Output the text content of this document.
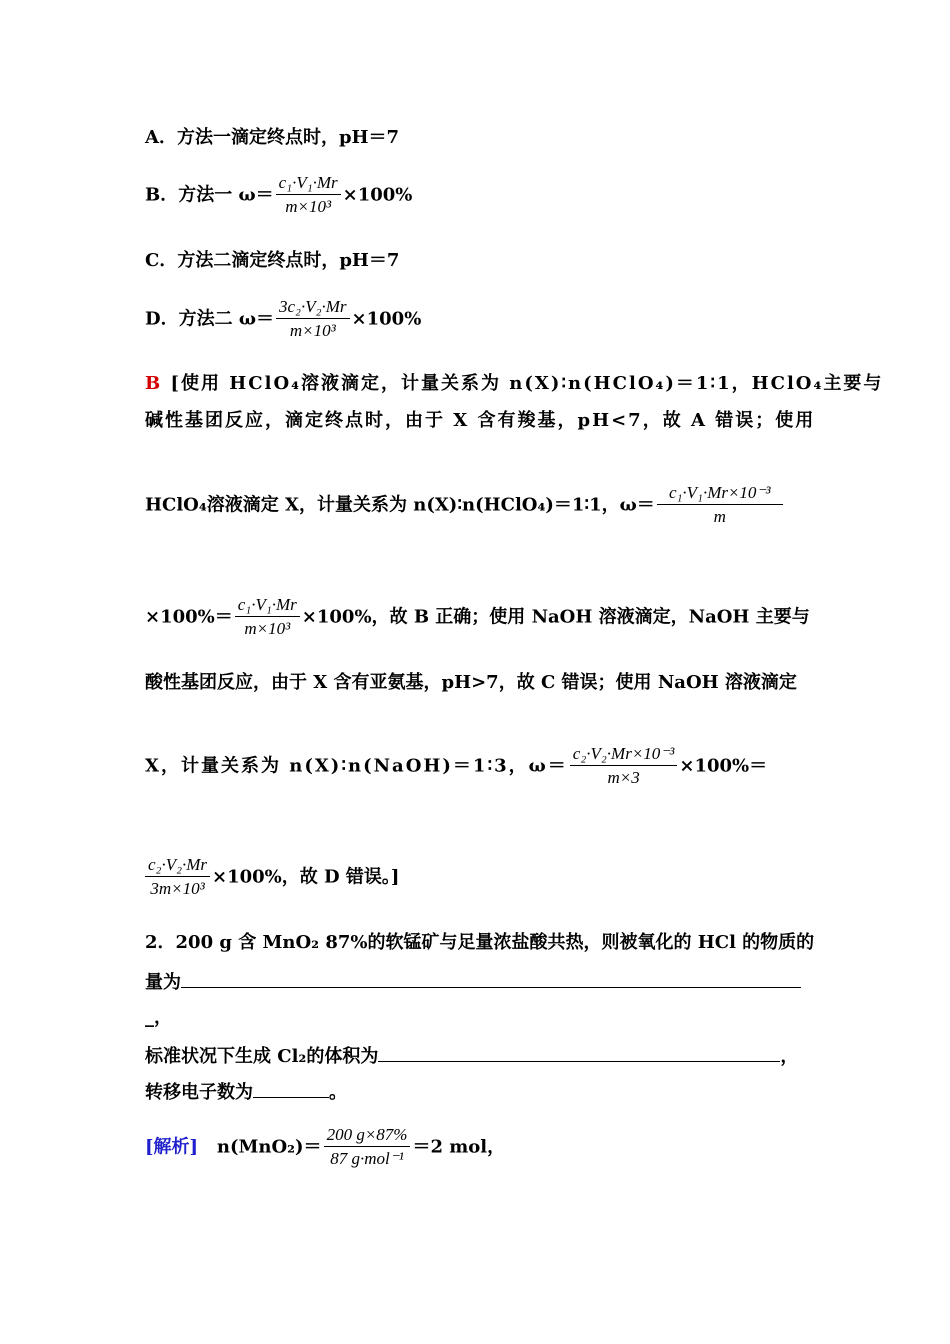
A．方法一滴定终点时，pH＝7
B．方法一 $\omega= \frac{\text{c₁·V₁·Mr}}{\text{m×10³}} \times 100\%$
C．方法二滴定终点时，pH＝7
D．方法二 $\omega= \frac{\text{3c₂·V₂·Mr}}{\text{m×10³}} \times 100\%$
B [使用 HClO₄溶液滴定，计量关系为 n(X)∶n(HClO₄)＝1∶1，HClO₄主要与
碱性基团反应，滴定终点时，由于 X 含有羧基，pH<7，故 A 错误；使用
HClO₄溶液滴定 X，计量关系为 n(X)∶n(HClO₄)＝1∶1，$\omega= \frac{\text{c₁·V₁·Mr×10⁻³}}{m}$
$\times 100\%= \frac{\text{c₁·V₁·Mr}}{\text{m×10³}} \times 100\%$，故 B 正确；使用 NaOH 溶液滴定，NaOH 主要与
酸性基团反应，由于 X 含有亚氨基，pH>7，故 C 错误；使用 NaOH 溶液滴定
X，计量关系为 n(X)∶n(NaOH)＝1∶3，$\omega= \frac{\text{c₂·V₂·Mr×10⁻³}}{m\times 3} \times 100\%=$
$\frac{\text{c₂·V₂·Mr}}{\text{3m×10³}} \times 100\%$，故 D 错误。]
2．200 g 含 MnO₂ 87%的软锰矿与足量浓盐酸共热，则被氧化的 HCl 的物质的
量为
_，
标准状况下生成 Cl₂的体积为	，
转移电子数为	。
[解析] $n(MnO_2)= \frac{200 g\times 87\%}{\text{87 g·mol⁻¹}} =2$ mol，
